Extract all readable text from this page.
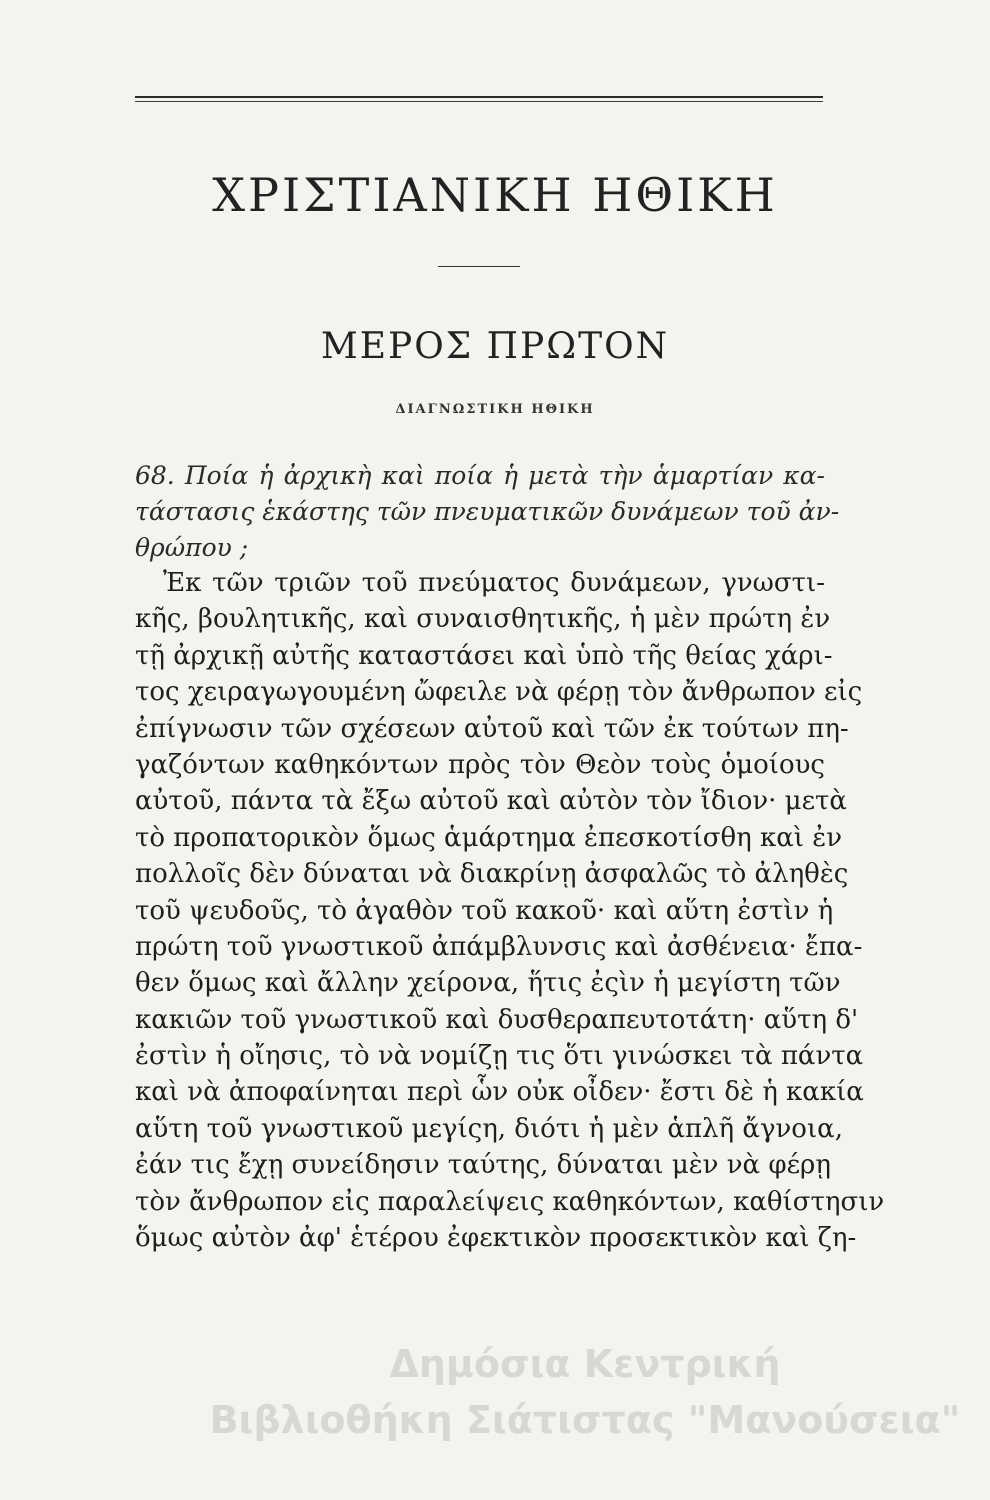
ΧΡΙΣΤΙΑΝΙΚΗ ΗΘΙΚΗ
ΜΕΡΟΣ ΠΡΩΤΟΝ
ΔΙΑΓΝΩΣΤΙΚΗ ΗΘΙΚΗ
68. Ποία ἡ ἀρχικὴ καὶ ποία ἡ μετὰ τὴν ἁμαρτίαν κα-
τάστασις ἑκάστης τῶν πνευματικῶν δυνάμεων τοῦ ἀν-
θρώπου ;
Ἐκ τῶν τριῶν τοῦ πνεύματος δυνάμεων, γνωστι-
κῆς, βουλητικῆς, καὶ συναισθητικῆς, ἡ μὲν πρώτη ἐν
τῇ ἀρχικῇ αὐτῆς καταστάσει καὶ ὑπὸ τῆς θείας χάρι-
τος χειραγωγουμένη ὤφειλε νὰ φέρῃ τὸν ἄνθρωπον εἰς
ἐπίγνωσιν τῶν σχέσεων αὐτοῦ καὶ τῶν ἐκ τούτων πη-
γαζόντων καθηκόντων πρὸς τὸν Θεὸν τοὺς ὁμοίους
αὐτοῦ, πάντα τὰ ἔξω αὐτοῦ καὶ αὐτὸν τὸν ἴδιον· μετὰ
τὸ προπατορικὸν ὅμως ἁμάρτημα ἐπεσκοτίσθη καὶ ἐν
πολλοῖς δὲν δύναται νὰ διακρίνῃ ἀσφαλῶς τὸ ἀληθὲς
τοῦ ψευδοῦς, τὸ ἀγαθὸν τοῦ κακοῦ· καὶ αὕτη ἐστὶν ἡ
πρώτη τοῦ γνωστικοῦ ἀπάμβλυνσις καὶ ἀσθένεια· ἔπα-
θεν ὅμως καὶ ἄλλην χείρονα, ἥτις ἐςὶν ἡ μεγίστη τῶν
κακιῶν τοῦ γνωστικοῦ καὶ δυσθεραπευτοτάτη· αὕτη δ'
ἐστὶν ἡ οἴησις, τὸ νὰ νομίζῃ τις ὅτι γινώσκει τὰ πάντα
καὶ νὰ ἀποφαίνηται περὶ ὧν οὐκ οἶδεν· ἔστι δὲ ἡ κακία
αὕτη τοῦ γνωστικοῦ μεγίςη, διότι ἡ μὲν ἁπλῆ ἄγνοια,
ἐάν τις ἔχῃ συνείδησιν ταύτης, δύναται μὲν νὰ φέρῃ
τὸν ἄνθρωπον εἰς παραλείψεις καθηκόντων, καθίστησιν
ὅμως αὐτὸν ἀφ' ἑτέρου ἐφεκτικὸν προσεκτικὸν καὶ ζη-
Δημόσια Κεντρική
Βιβλιοθήκη Σιάτιστας "Μανούσεια"
